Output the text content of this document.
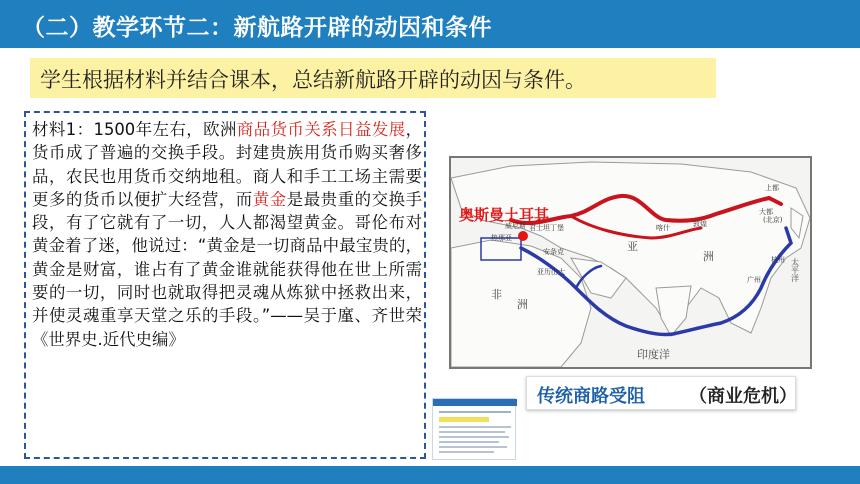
（二）教学环节二：新航路开辟的动因和条件
学生根据材料并结合课本，总结新航路开辟的动因与条件。
材料1：1500年左右，欧洲商品货币关系日益发展，货币成了普遍的交换手段。封建贵族用货币购买奢侈品，农民也用货币交纳地租。商人和手工工场主需要更多的货币以便扩大经营，而黄金是最贵重的交换手段，有了它就有了一切，人人都渴望黄金。哥伦布对黄金着了迷，他说过：“黄金是一切商品中最宝贵的，黄金是财富，谁占有了黄金谁就能获得他在世上所需要的一切，同时也就取得把灵魂从炼狱中拯救出来，并使灵魂重享天堂之乐的手段。”——吴于廑、齐世荣《世界史.近代史编》
奥斯曼土耳其
威尼斯
热那亚
君士坦丁堡
安条克
亚历山大
喀什	敦煌
上都
大都
(北京)
杭州
广州
非
洲
亚
洲
印度洋
太平洋
传统商路受阻 （商业危机）
